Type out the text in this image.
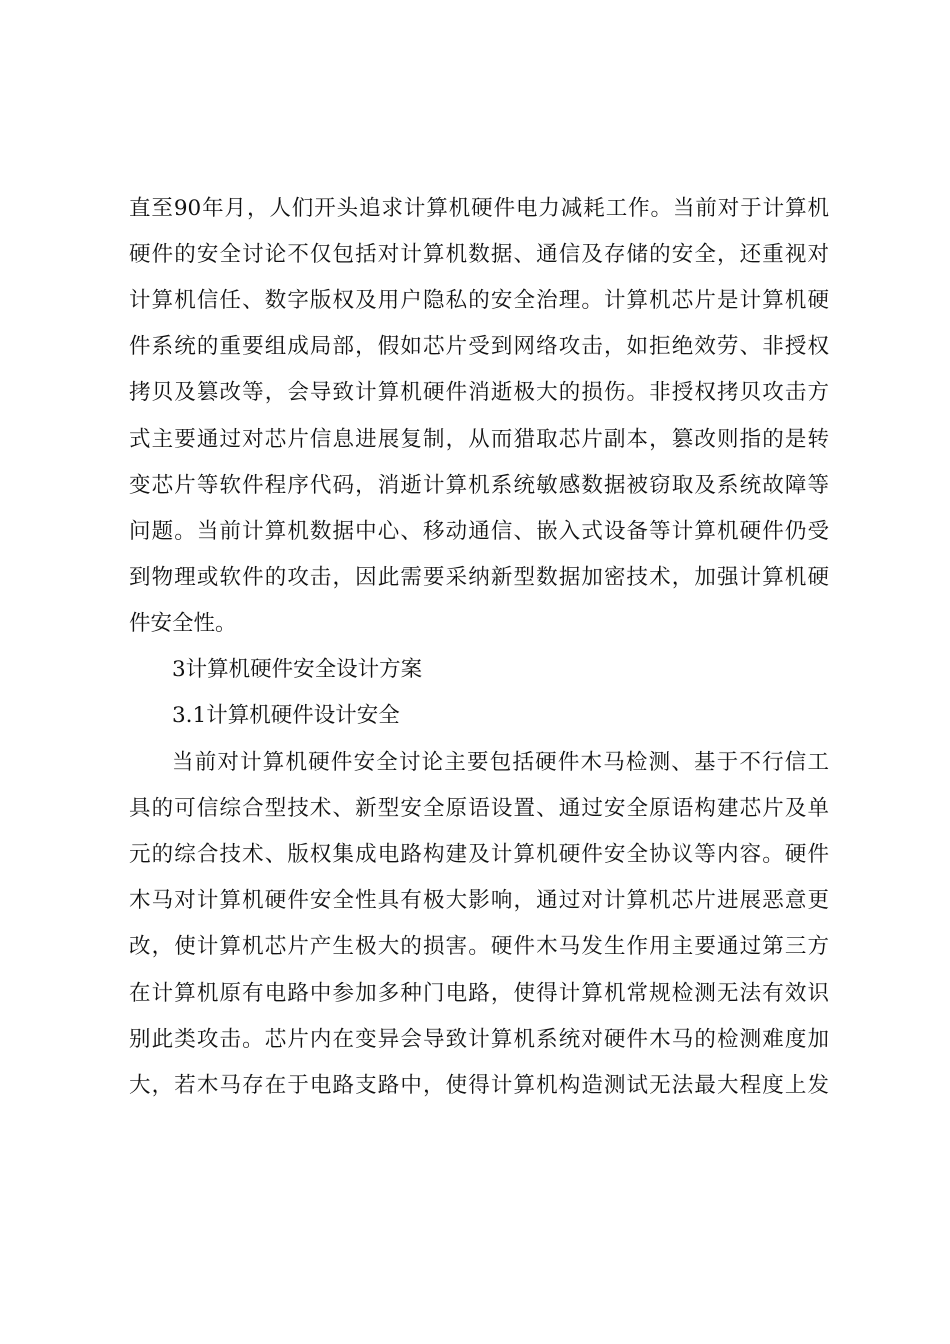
直至90年月，人们开头追求计算机硬件电力减耗工作。当前对于计算机
硬件的安全讨论不仅包括对计算机数据、通信及存储的安全，还重视对
计算机信任、数字版权及用户隐私的安全治理。计算机芯片是计算机硬
件系统的重要组成局部，假如芯片受到网络攻击，如拒绝效劳、非授权
拷贝及篡改等，会导致计算机硬件消逝极大的损伤。非授权拷贝攻击方
式主要通过对芯片信息进展复制，从而猎取芯片副本，篡改则指的是转
变芯片等软件程序代码，消逝计算机系统敏感数据被窃取及系统故障等
问题。当前计算机数据中心、移动通信、嵌入式设备等计算机硬件仍受
到物理或软件的攻击，因此需要采纳新型数据加密技术，加强计算机硬
件安全性。
3计算机硬件安全设计方案
3.1计算机硬件设计安全
当前对计算机硬件安全讨论主要包括硬件木马检测、基于不行信工
具的可信综合型技术、新型安全原语设置、通过安全原语构建芯片及单
元的综合技术、版权集成电路构建及计算机硬件安全协议等内容。硬件
木马对计算机硬件安全性具有极大影响，通过对计算机芯片进展恶意更
改，使计算机芯片产生极大的损害。硬件木马发生作用主要通过第三方
在计算机原有电路中参加多种门电路，使得计算机常规检测无法有效识
别此类攻击。芯片内在变异会导致计算机系统对硬件木马的检测难度加
大，若木马存在于电路支路中，使得计算机构造测试无法最大程度上发
